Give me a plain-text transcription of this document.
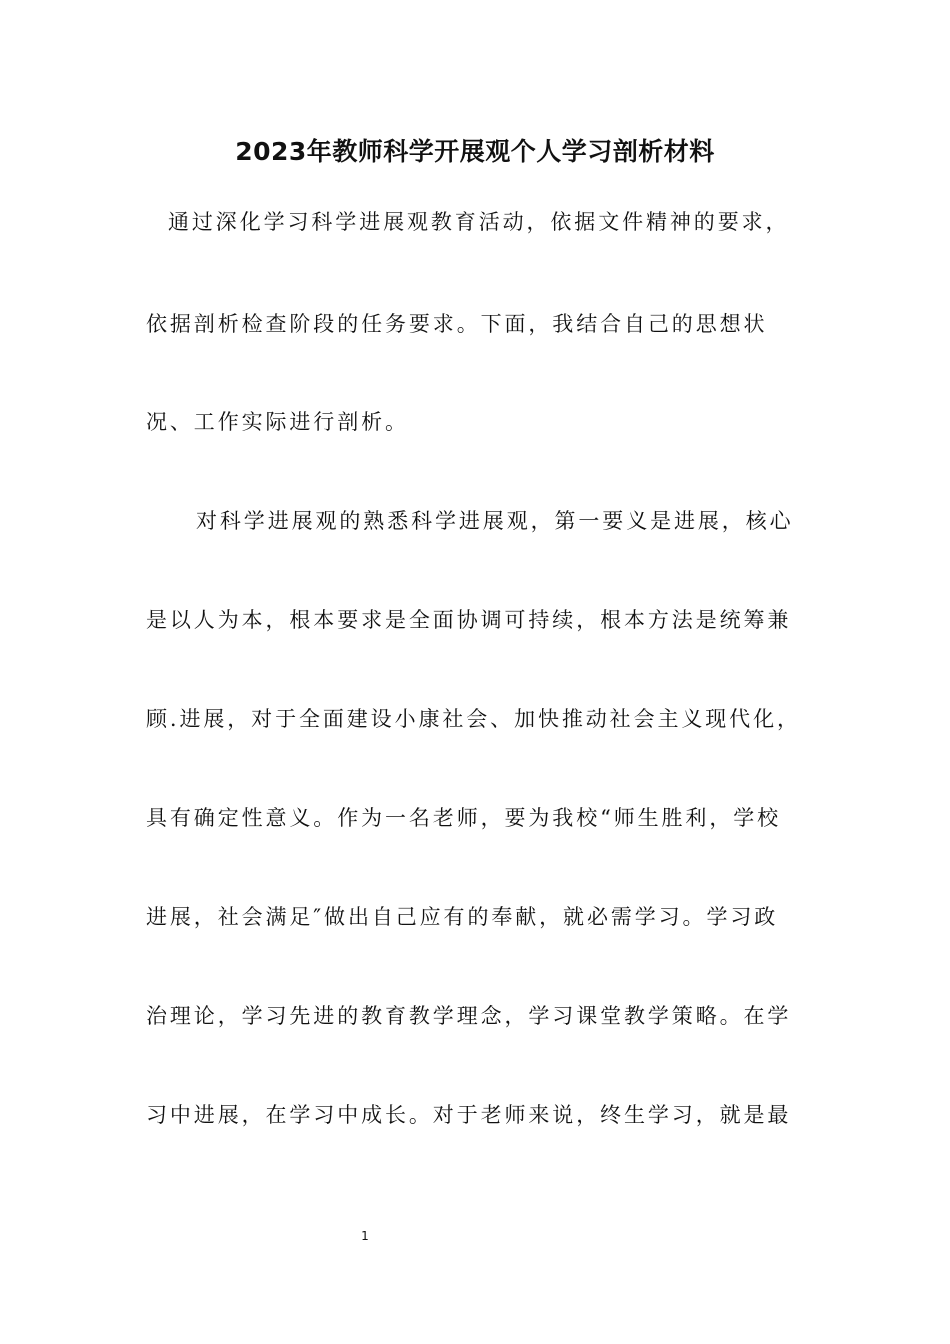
2023年教师科学开展观个人学习剖析材料
通过深化学习科学进展观教育活动，依据文件精神的要求，
依据剖析检查阶段的任务要求。下面，我结合自己的思想状
况、工作实际进行剖析。
对科学进展观的熟悉科学进展观，第一要义是进展，核心
是以人为本，根本要求是全面协调可持续，根本方法是统筹兼
顾.进展，对于全面建设小康社会、加快推动社会主义现代化，
具有确定性意义。作为一名老师，要为我校“师生胜利，学校
进展，社会满足″做出自己应有的奉献，就必需学习。学习政
治理论，学习先进的教育教学理念，学习课堂教学策略。在学
习中进展，在学习中成长。对于老师来说，终生学习，就是最
1
